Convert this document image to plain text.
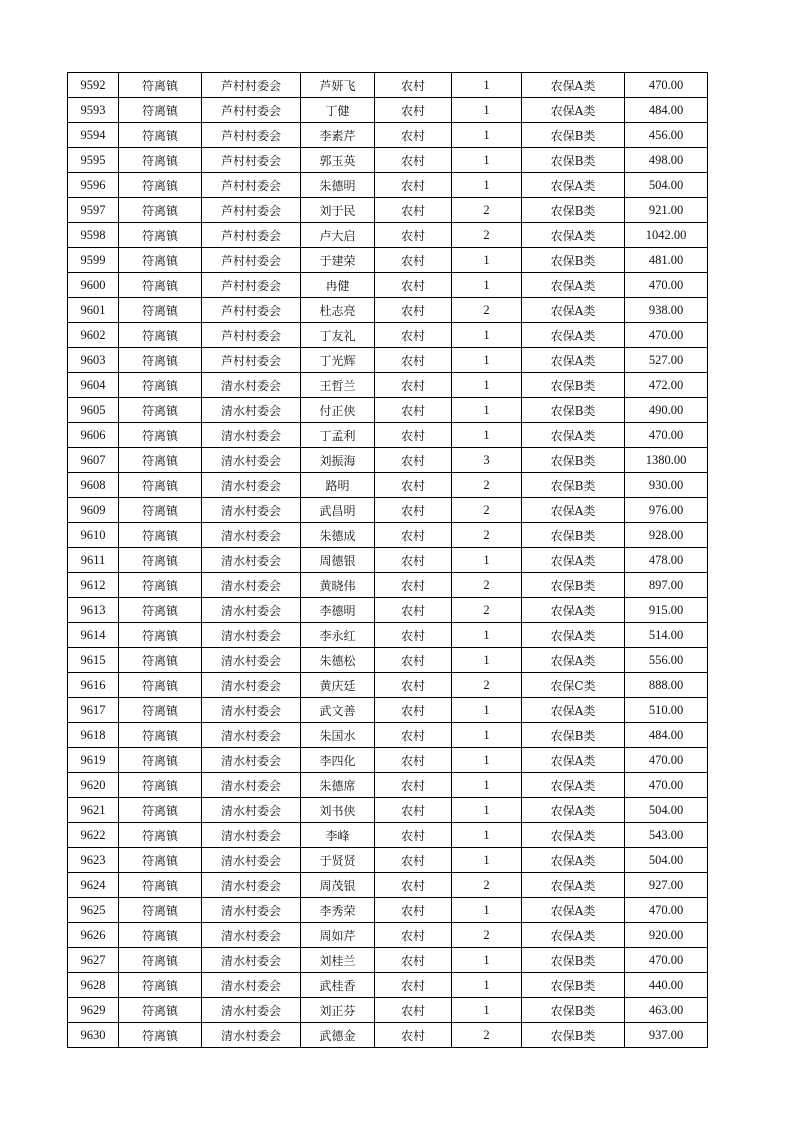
9592	符离镇	芦村村委会	芦妍飞	农村	1	农保A类	470.00
9593	符离镇	芦村村委会	丁健	农村	1	农保A类	484.00
9594	符离镇	芦村村委会	李素芹	农村	1	农保B类	456.00
9595	符离镇	芦村村委会	郭玉英	农村	1	农保B类	498.00
9596	符离镇	芦村村委会	朱德明	农村	1	农保A类	504.00
9597	符离镇	芦村村委会	刘于民	农村	2	农保B类	921.00
9598	符离镇	芦村村委会	卢大启	农村	2	农保A类	1042.00
9599	符离镇	芦村村委会	于建荣	农村	1	农保B类	481.00
9600	符离镇	芦村村委会	冉健	农村	1	农保A类	470.00
9601	符离镇	芦村村委会	杜志亮	农村	2	农保A类	938.00
9602	符离镇	芦村村委会	丁友礼	农村	1	农保A类	470.00
9603	符离镇	芦村村委会	丁光辉	农村	1	农保A类	527.00
9604	符离镇	清水村委会	王哲兰	农村	1	农保B类	472.00
9605	符离镇	清水村委会	付正侠	农村	1	农保B类	490.00
9606	符离镇	清水村委会	丁孟利	农村	1	农保A类	470.00
9607	符离镇	清水村委会	刘振海	农村	3	农保B类	1380.00
9608	符离镇	清水村委会	路明	农村	2	农保B类	930.00
9609	符离镇	清水村委会	武昌明	农村	2	农保A类	976.00
9610	符离镇	清水村委会	朱德成	农村	2	农保B类	928.00
9611	符离镇	清水村委会	周德银	农村	1	农保A类	478.00
9612	符离镇	清水村委会	黄晓伟	农村	2	农保B类	897.00
9613	符离镇	清水村委会	李德明	农村	2	农保A类	915.00
9614	符离镇	清水村委会	李永红	农村	1	农保A类	514.00
9615	符离镇	清水村委会	朱德松	农村	1	农保A类	556.00
9616	符离镇	清水村委会	黄庆廷	农村	2	农保C类	888.00
9617	符离镇	清水村委会	武文善	农村	1	农保A类	510.00
9618	符离镇	清水村委会	朱国水	农村	1	农保B类	484.00
9619	符离镇	清水村委会	李四化	农村	1	农保A类	470.00
9620	符离镇	清水村委会	朱德席	农村	1	农保A类	470.00
9621	符离镇	清水村委会	刘书侠	农村	1	农保A类	504.00
9622	符离镇	清水村委会	李峰	农村	1	农保A类	543.00
9623	符离镇	清水村委会	于贤贤	农村	1	农保A类	504.00
9624	符离镇	清水村委会	周茂银	农村	2	农保A类	927.00
9625	符离镇	清水村委会	李秀荣	农村	1	农保A类	470.00
9626	符离镇	清水村委会	周如芹	农村	2	农保A类	920.00
9627	符离镇	清水村委会	刘桂兰	农村	1	农保B类	470.00
9628	符离镇	清水村委会	武桂香	农村	1	农保B类	440.00
9629	符离镇	清水村委会	刘正芬	农村	1	农保B类	463.00
9630	符离镇	清水村委会	武德金	农村	2	农保B类	937.00
